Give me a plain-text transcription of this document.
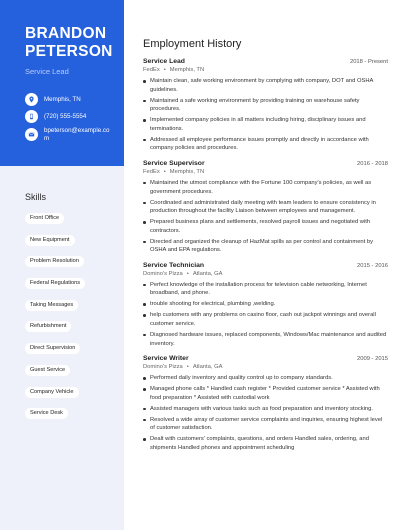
BRANDON PETERSON
Service Lead
Memphis, TN
(720) 555-5554
bpeterson@example.com
Skills
Front Office
New Equipment
Problem Resolution
Federal Regulations
Taking Messages
Refurbishment
Direct Supervision
Guest Service
Company Vehicle
Service Desk
Employment History
Service Lead	2018 - Present
FedEx • Memphis, TN
Maintain clean, safe working environment by complying with company, DOT and OSHA guidelines.
Maintained a safe working environment by providing training on warehouse safety procedures.
Implemented company policies in all matters including hiring, disciplinary issues and terminations.
Addressed all employee performance issues promptly and directly in accordance with company policies and procedures.
Service Supervisor	2016 - 2018
FedEx • Memphis, TN
Maintained the utmost compliance with the Fortune 100 company's policies, as well as government procedures.
Coordinated and administrated daily meeting with team leaders to ensure consistency in production throughout the facility Liaison between employees and management.
Prepared business plans and settlements, resolved payroll issues and negotiated with contractors.
Directed and organized the cleanup of HazMat spills as per control and containment by OSHA and EPA regulations.
Service Technician	2015 - 2016
Domino's Pizza • Atlanta, GA
Perfect knowledge of the installation process for television cable networking, Internet broadband, and phone.
trouble shooting for electrical, plumbing ,welding.
help customers with any problems on casino floor, cash out jackpot winnings and overall customer service.
Diagnosed hardware issues, replaced components, Windows/Mac maintenance and audited inventory.
Service Writer	2009 - 2015
Domino's Pizza • Atlanta, GA
Performed daily inventory and quality control up to company standards.
Managed phone calls * Handled cash register * Provided customer service * Assisted with food preparation * Assisted with custodial work
Assisted managers with various tasks such as food preparation and inventory stocking.
Resolved a wide array of customer service complaints and inquiries, ensuring highest level of customer satisfaction.
Dealt with customers' complaints, questions, and orders Handled sales, ordering, and shipments Handled phones and appointment scheduling
